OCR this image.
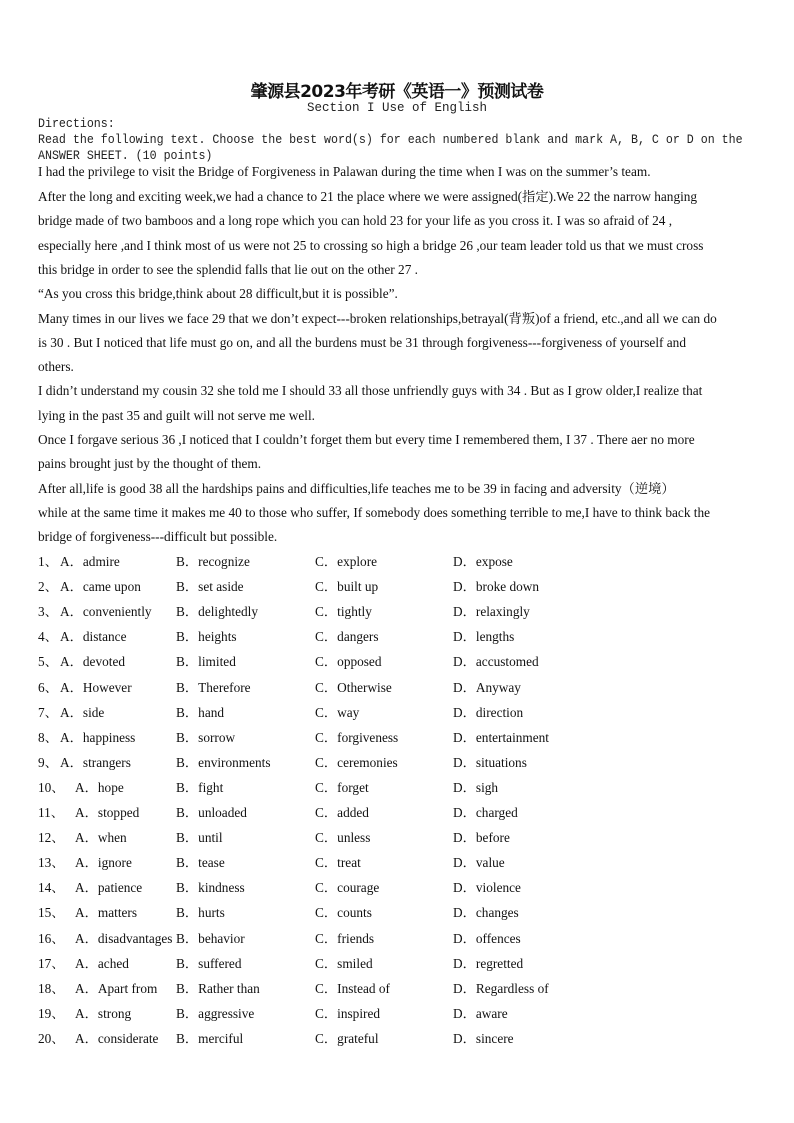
肇源县2023年考研《英语一》预测试卷
Section I Use of English
Directions:
Read the following text. Choose the best word(s) for each numbered blank and mark A, B, C or D on the
ANSWER SHEET. (10 points)
I had the privilege to visit the Bridge of Forgiveness in Palawan during the time when I was on the summer’s team.
After the long and exciting week,we had a chance to 21 the place where we were assigned(指定).We 22 the narrow hanging
bridge made of two bamboos and a long rope which you can hold 23 for your life as you cross it. I was so afraid of 24 ,
especially here ,and I think most of us were not 25 to crossing so high a bridge 26 ,our team leader told us that we must cross
this bridge in order to see the splendid falls that lie out on the other 27 .
“As you cross this bridge,think about 28 difficult,but it is possible”.
Many times in our lives we face 29 that we don’t expect---broken relationships,betrayal(背叛)of a friend, etc.,and all we can do
is 30 . But I noticed that life must go on, and all the burdens must be 31 through forgiveness---forgiveness of yourself and
others.
I didn’t understand my cousin 32 she told me I should 33 all those unfriendly guys with 34 . But as I grow older,I realize that
lying in the past 35 and guilt will not serve me well.
Once I forgave serious 36 ,I noticed that I couldn’t forget them but every time I remembered them, I 37 . There aer no more
pains brought just by the thought of them.
After all,life is good 38 all the hardships pains and difficulties,life teaches me to be 39 in facing and adversity（逆境）
while at the same time it makes me 40 to those who suffer, If somebody does something terrible to me,I have to think back the
bridge of forgiveness---difficult but possible.
1、 A．admire	B．recognize	C．explore	D．expose
2、 A．came upon	B．set aside	C．built up	D．broke down
3、 A．conveniently B．delightedly	C．tightly	D．relaxingly
4、 A．distance	B．heights	C．dangers	D．lengths
5、 A．devoted	B．limited	C．opposed	D．accustomed
6、 A．However	B．Therefore	C．Otherwise	D．Anyway
7、 A．side	B．hand	C．way	D．direction
8、 A．happiness	B．sorrow	C．forgiveness	D．entertainment
9、 A．strangers	B．environments	C．ceremonies	D．situations
10、 A．hope	B．fight	C．forget	D．sigh
11、 A．stopped	B．unloaded	C．added	D．charged
12、 A．when	B．until	C．unless	D．before
13、 A．ignore	B．tease	C．treat	D．value
14、 A．patience	B．kindness	C．courage	D．violence
15、 A．matters	B．hurts	C．counts	D．changes
16、 A．disadvantages B．behavior	C．friends	D．offences
17、 A．ached	B．suffered	C．smiled	D．regretted
18、 A．Apart from B．Rather than	C．Instead of	D．Regardless of
19、 A．strong	B．aggressive	C．inspired	D．aware
20、 A．considerate B．merciful	C．grateful	D．sincere
